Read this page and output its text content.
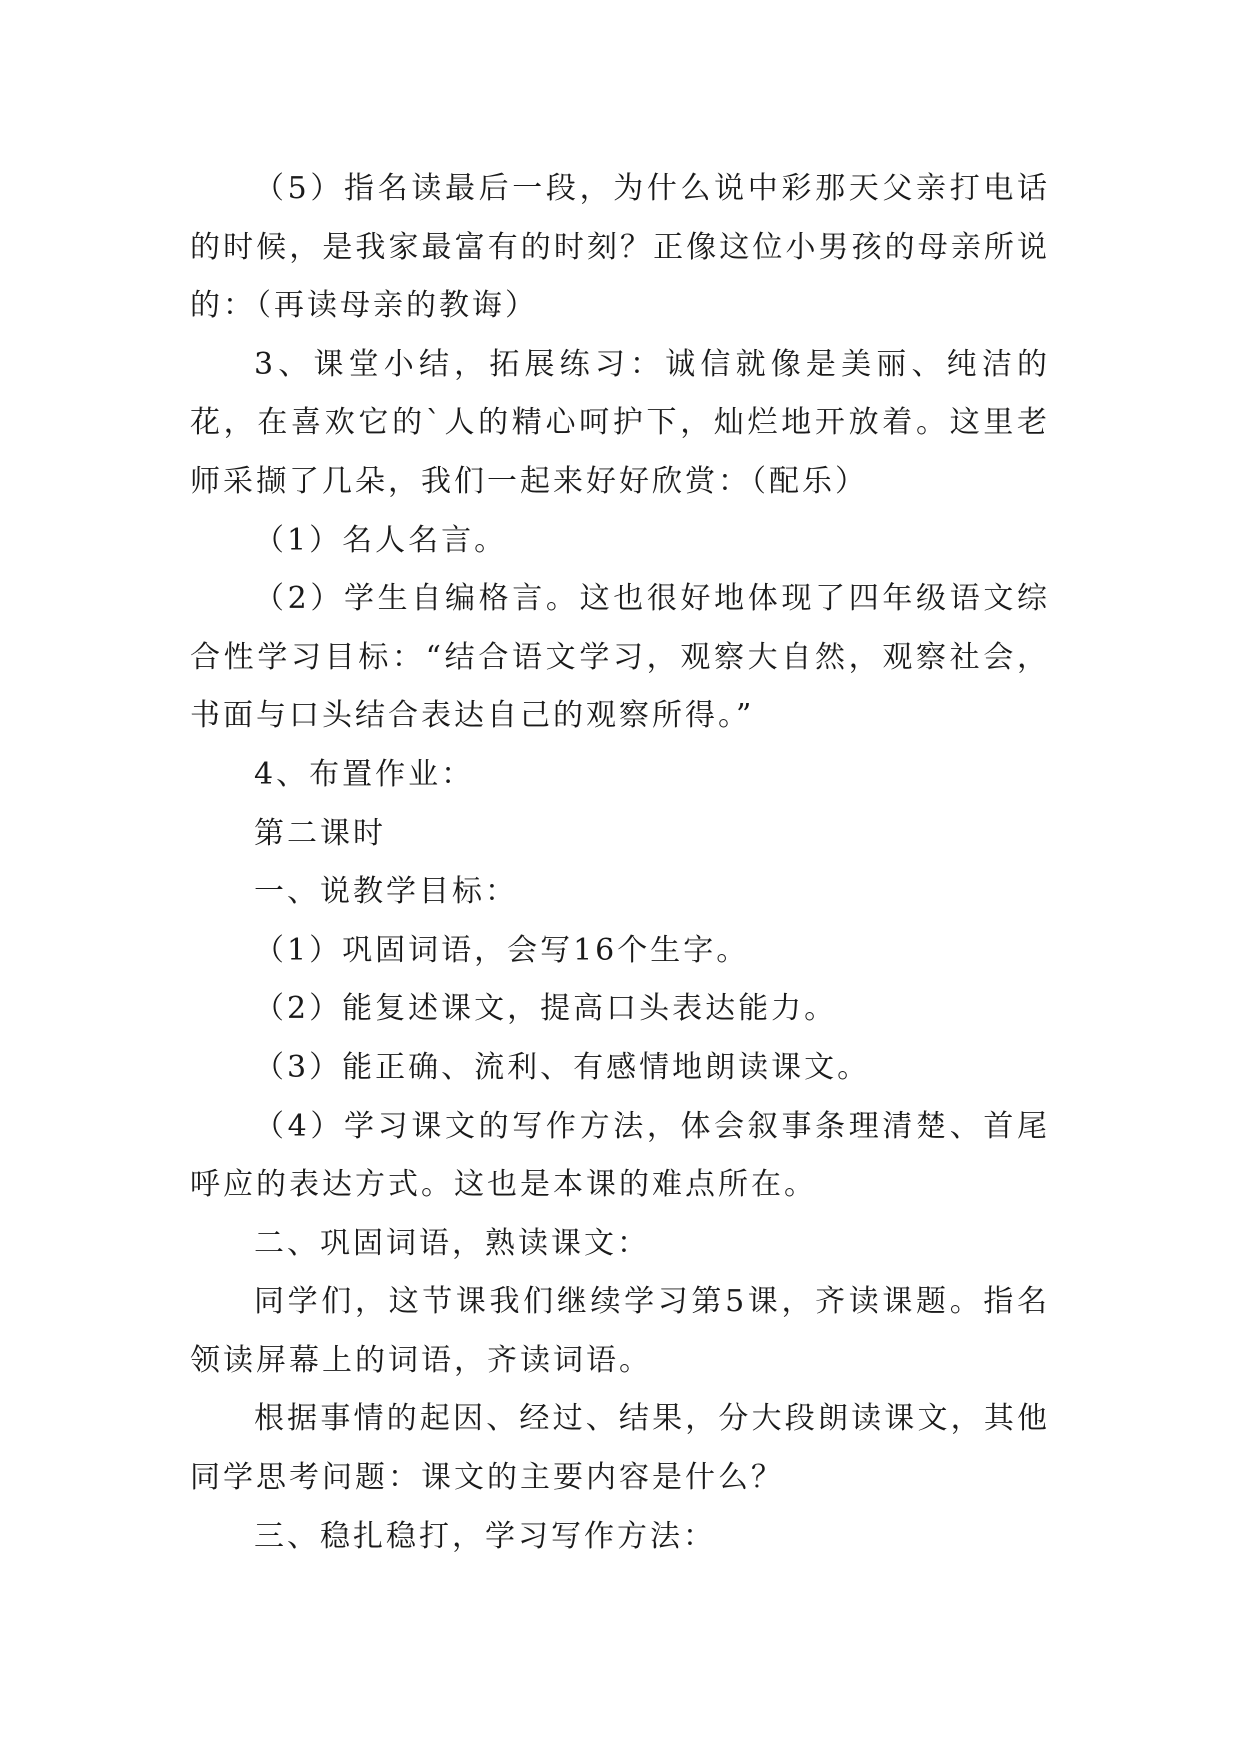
（5）指名读最后一段，为什么说中彩那天父亲打电话的时候，是我家最富有的时刻？正像这位小男孩的母亲所说的：（再读母亲的教诲）

3、课堂小结，拓展练习：诚信就像是美丽、纯洁的花，在喜欢它的`人的精心呵护下，灿烂地开放着。这里老师采撷了几朵，我们一起来好好欣赏：（配乐）

（1）名人名言。

（2）学生自编格言。这也很好地体现了四年级语文综合性学习目标：“结合语文学习，观察大自然，观察社会，书面与口头结合表达自己的观察所得。”

4、布置作业：

第二课时

一、说教学目标：

（1）巩固词语，会写16个生字。

（2）能复述课文，提高口头表达能力。

（3）能正确、流利、有感情地朗读课文。

（4）学习课文的写作方法，体会叙事条理清楚、首尾呼应的表达方式。这也是本课的难点所在。

二、巩固词语，熟读课文：

同学们，这节课我们继续学习第5课，齐读课题。指名领读屏幕上的词语，齐读词语。

根据事情的起因、经过、结果，分大段朗读课文，其他同学思考问题：课文的主要内容是什么？

三、稳扎稳打，学习写作方法：
